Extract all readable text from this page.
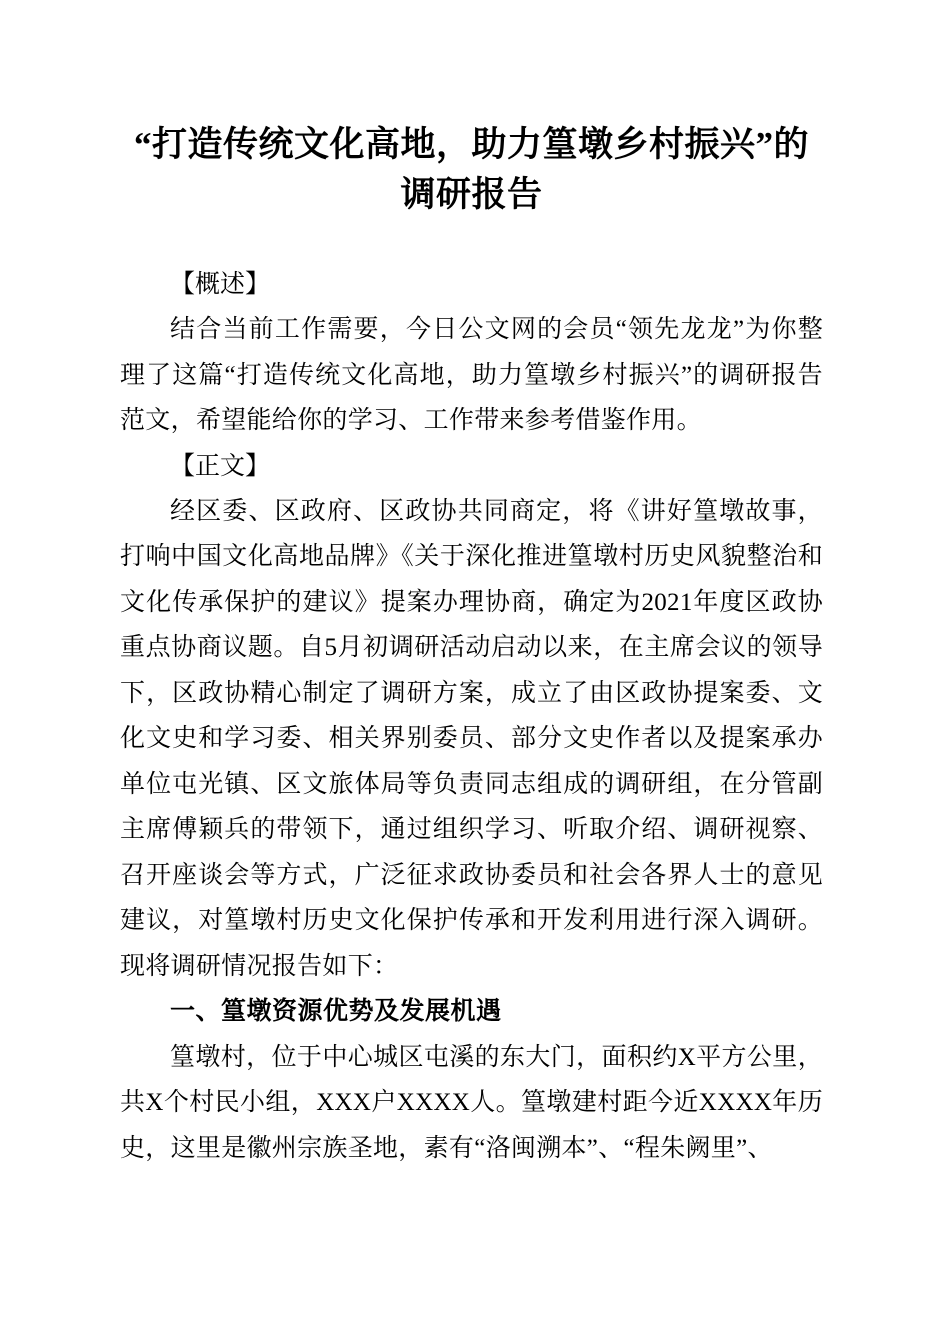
“打造传统文化高地，助力篁墩乡村振兴”的调研报告

【概述】

结合当前工作需要，今日公文网的会员“领先龙龙”为你整理了这篇“打造传统文化高地，助力篁墩乡村振兴”的调研报告范文，希望能给你的学习、工作带来参考借鉴作用。

【正文】

经区委、区政府、区政协共同商定，将《讲好篁墩故事，打响中国文化高地品牌》《关于深化推进篁墩村历史风貌整治和文化传承保护的建议》提案办理协商，确定为2021年度区政协重点协商议题。自5月初调研活动启动以来，在主席会议的领导下，区政协精心制定了调研方案，成立了由区政协提案委、文化文史和学习委、相关界别委员、部分文史作者以及提案承办单位屯光镇、区文旅体局等负责同志组成的调研组，在分管副主席傅颖兵的带领下，通过组织学习、听取介绍、调研视察、召开座谈会等方式，广泛征求政协委员和社会各界人士的意见建议，对篁墩村历史文化保护传承和开发利用进行深入调研。现将调研情况报告如下：

一、篁墩资源优势及发展机遇

篁墩村，位于中心城区屯溪的东大门，面积约X平方公里，共X个村民小组，XXX户XXXX人。篁墩建村距今近XXXX年历史，这里是徽州宗族圣地，素有“洛闽溯本”、“程朱阙里”、
